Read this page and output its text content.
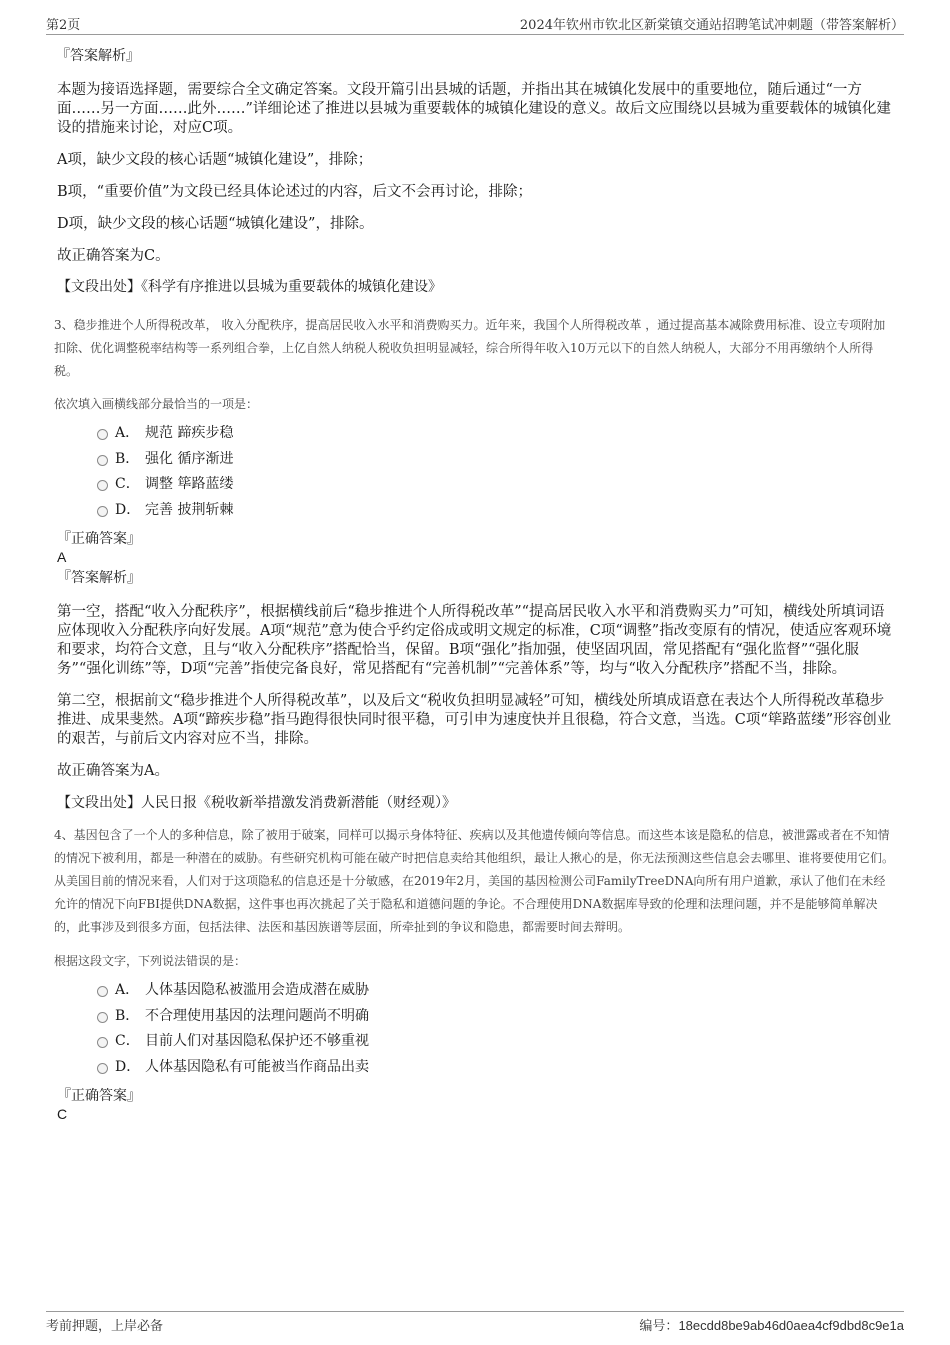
第2页	2024年钦州市钦北区新棠镇交通站招聘笔试冲刺题（带答案解析）

『答案解析』

本题为接语选择题，需要综合全文确定答案。文段开篇引出县城的话题，并指出其在城镇化发展中的重要地位，随后通过“一方面……另一方面……此外……”详细论述了推进以县城为重要载体的城镇化建设的意义。故后文应围绕以县城为重要载体的城镇化建设的措施来讨论，对应C项。

A项，缺少文段的核心话题“城镇化建设”，排除；

B项，“重要价值”为文段已经具体论述过的内容，后文不会再讨论，排除；

D项，缺少文段的核心话题“城镇化建设”，排除。

故正确答案为C。

【文段出处】《科学有序推进以县城为重要载体的城镇化建设》

3、稳步推进个人所得税改革， 收入分配秩序，提高居民收入水平和消费购买力。近年来，我国个人所得税改革 ，通过提高基本减除费用标准、设立专项附加扣除、优化调整税率结构等一系列组合拳，上亿自然人纳税人税收负担明显减轻，综合所得年收入10万元以下的自然人纳税人，大部分不用再缴纳个人所得税。

依次填入画横线部分最恰当的一项是：

A． 规范 蹄疾步稳
B． 强化 循序渐进
C． 调整 筚路蓝缕
D． 完善 披荆斩棘

『正确答案』

A

『答案解析』

第一空，搭配“收入分配秩序”，根据横线前后“稳步推进个人所得税改革”“提高居民收入水平和消费购买力”可知，横线处所填词语应体现收入分配秩序向好发展。A项“规范”意为使合乎约定俗成或明文规定的标准，C项“调整”指改变原有的情况，使适应客观环境和要求，均符合文意，且与“收入分配秩序”搭配恰当，保留。B项“强化”指加强，使坚固巩固，常见搭配有“强化监督”“强化服务”“强化训练”等，D项“完善”指使完备良好，常见搭配有“完善机制”“完善体系”等，均与“收入分配秩序”搭配不当，排除。

第二空，根据前文“稳步推进个人所得税改革”，以及后文“税收负担明显减轻”可知，横线处所填成语意在表达个人所得税改革稳步推进、成果斐然。A项“蹄疾步稳”指马跑得很快同时很平稳，可引申为速度快并且很稳，符合文意，当选。C项“筚路蓝缕”形容创业的艰苦，与前后文内容对应不当，排除。

故正确答案为A。

【文段出处】人民日报《税收新举措激发消费新潜能（财经观）》

4、基因包含了一个人的多种信息，除了被用于破案，同样可以揭示身体特征、疾病以及其他遗传倾向等信息。而这些本该是隐私的信息，被泄露或者在不知情的情况下被利用，都是一种潜在的威胁。有些研究机构可能在破产时把信息卖给其他组织，最让人揪心的是，你无法预测这些信息会去哪里、谁将要使用它们。从美国目前的情况来看，人们对于这项隐私的信息还是十分敏感，在2019年2月，美国的基因检测公司FamilyTreeDNA向所有用户道歉，承认了他们在未经允许的情况下向FBI提供DNA数据，这件事也再次挑起了关于隐私和道德问题的争论。不合理使用DNA数据库导致的伦理和法理问题，并不是能够简单解决的，此事涉及到很多方面，包括法律、法医和基因族谱等层面，所牵扯到的争议和隐患，都需要时间去辩明。

根据这段文字，下列说法错误的是：

A． 人体基因隐私被滥用会造成潜在威胁
B． 不合理使用基因的法理问题尚不明确
C． 目前人们对基因隐私保护还不够重视
D． 人体基因隐私有可能被当作商品出卖

『正确答案』

C

考前押题，上岸必备	编号：18ecdd8be9ab46d0aea4cf9dbd8c9e1a
